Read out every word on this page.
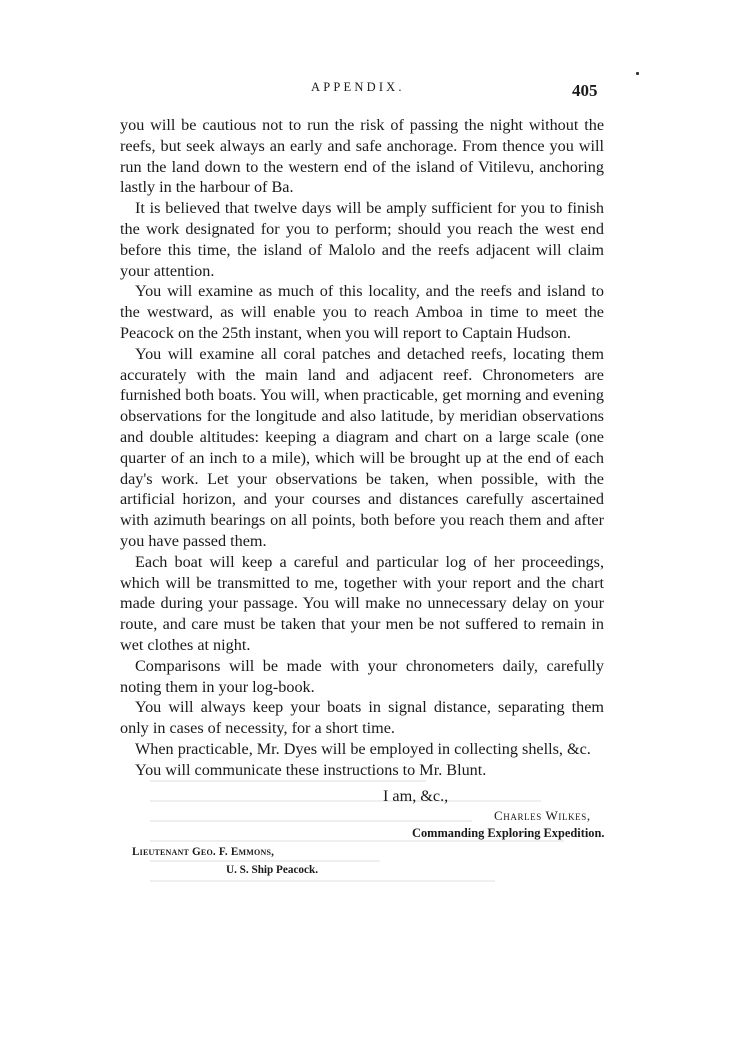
APPENDIX.	405

you will be cautious not to run the risk of passing the night without the reefs, but seek always an early and safe anchorage. From thence you will run the land down to the western end of the island of Vitilevu, anchoring lastly in the harbour of Ba.

It is believed that twelve days will be amply sufficient for you to finish the work designated for you to perform; should you reach the west end before this time, the island of Malolo and the reefs adjacent will claim your attention.

You will examine as much of this locality, and the reefs and island to the westward, as will enable you to reach Amboa in time to meet the Peacock on the 25th instant, when you will report to Captain Hudson.

You will examine all coral patches and detached reefs, locating them accurately with the main land and adjacent reef. Chronometers are furnished both boats. You will, when practicable, get morning and evening observations for the longitude and also latitude, by meridian observations and double altitudes: keeping a diagram and chart on a large scale (one quarter of an inch to a mile), which will be brought up at the end of each day's work. Let your observations be taken, when possible, with the artificial horizon, and your courses and distances carefully ascertained with azimuth bearings on all points, both before you reach them and after you have passed them.

Each boat will keep a careful and particular log of her proceedings, which will be transmitted to me, together with your report and the chart made during your passage. You will make no unnecessary delay on your route, and care must be taken that your men be not suffered to remain in wet clothes at night.

Comparisons will be made with your chronometers daily, carefully noting them in your log-book.

You will always keep your boats in signal distance, separating them only in cases of necessity, for a short time.

When practicable, Mr. Dyes will be employed in collecting shells, &c.

You will communicate these instructions to Mr. Blunt.

I am, &c.,
Charles Wilkes,
Commanding Exploring Expedition.
Lieutenant Geo. F. Emmons,
U. S. Ship Peacock.
